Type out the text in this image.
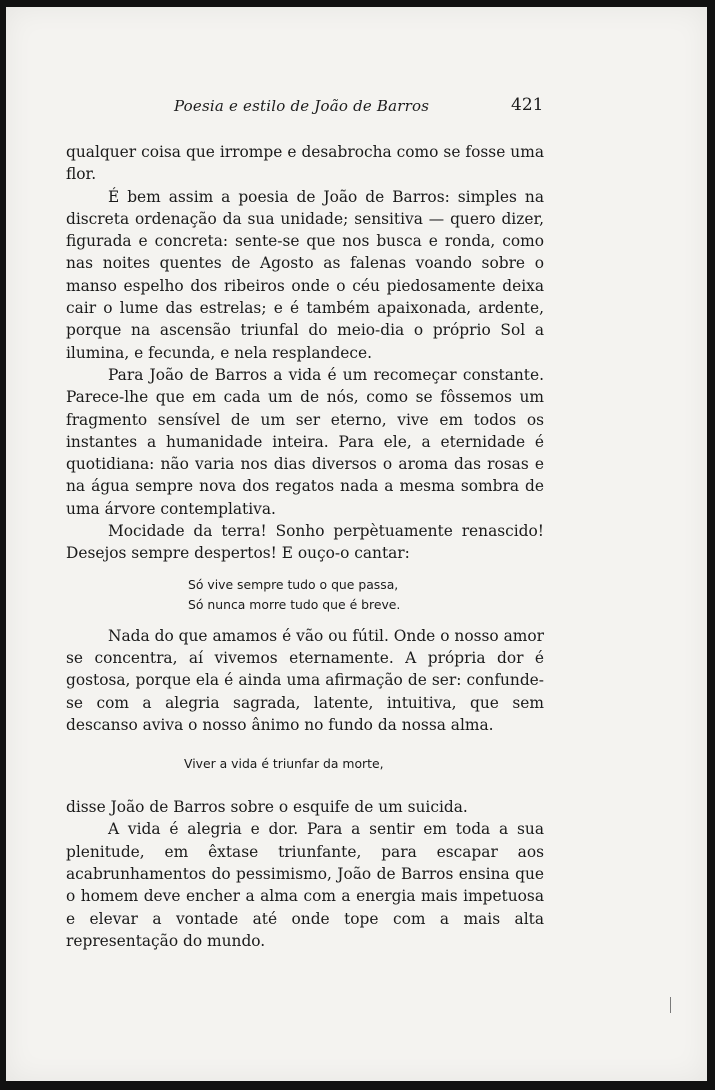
Poesia e estilo de João de Barros	421

qualquer coisa que irrompe e desabrocha como se fosse uma flor.

É bem assim a poesia de João de Barros: simples na discreta ordenação da sua unidade; sensitiva — quero dizer, figurada e concreta: sente-se que nos busca e ronda, como nas noites quentes de Agosto as falenas voando sobre o manso espelho dos ribeiros onde o céu piedosamente deixa cair o lume das estrelas; e é também apaixonada, ardente, porque na ascensão triunfal do meio-dia o próprio Sol a ilumina, e fecunda, e nela resplandece.

Para João de Barros a vida é um recomeçar constante. Parece-lhe que em cada um de nós, como se fôssemos um fragmento sensível de um ser eterno, vive em todos os instantes a humanidade inteira. Para ele, a eternidade é quotidiana: não varia nos dias diversos o aroma das rosas e na água sempre nova dos regatos nada a mesma sombra de uma árvore contemplativa.

Mocidade da terra! Sonho perpètuamente renascido! Desejos sempre despertos! E ouço-o cantar:

Só vive sempre tudo o que passa,
Só nunca morre tudo que é breve.

Nada do que amamos é vão ou fútil. Onde o nosso amor se concentra, aí vivemos eternamente. A própria dor é gostosa, porque ela é ainda uma afirmação de ser: confunde-se com a alegria sagrada, latente, intuitiva, que sem descanso aviva o nosso ânimo no fundo da nossa alma.

Viver a vida é triunfar da morte,

disse João de Barros sobre o esquife de um suicida.

A vida é alegria e dor. Para a sentir em toda a sua plenitude, em êxtase triunfante, para escapar aos acabrunhamentos do pessimismo, João de Barros ensina que o homem deve encher a alma com a energia mais impetuosa e elevar a vontade até onde tope com a mais alta representação do mundo.
